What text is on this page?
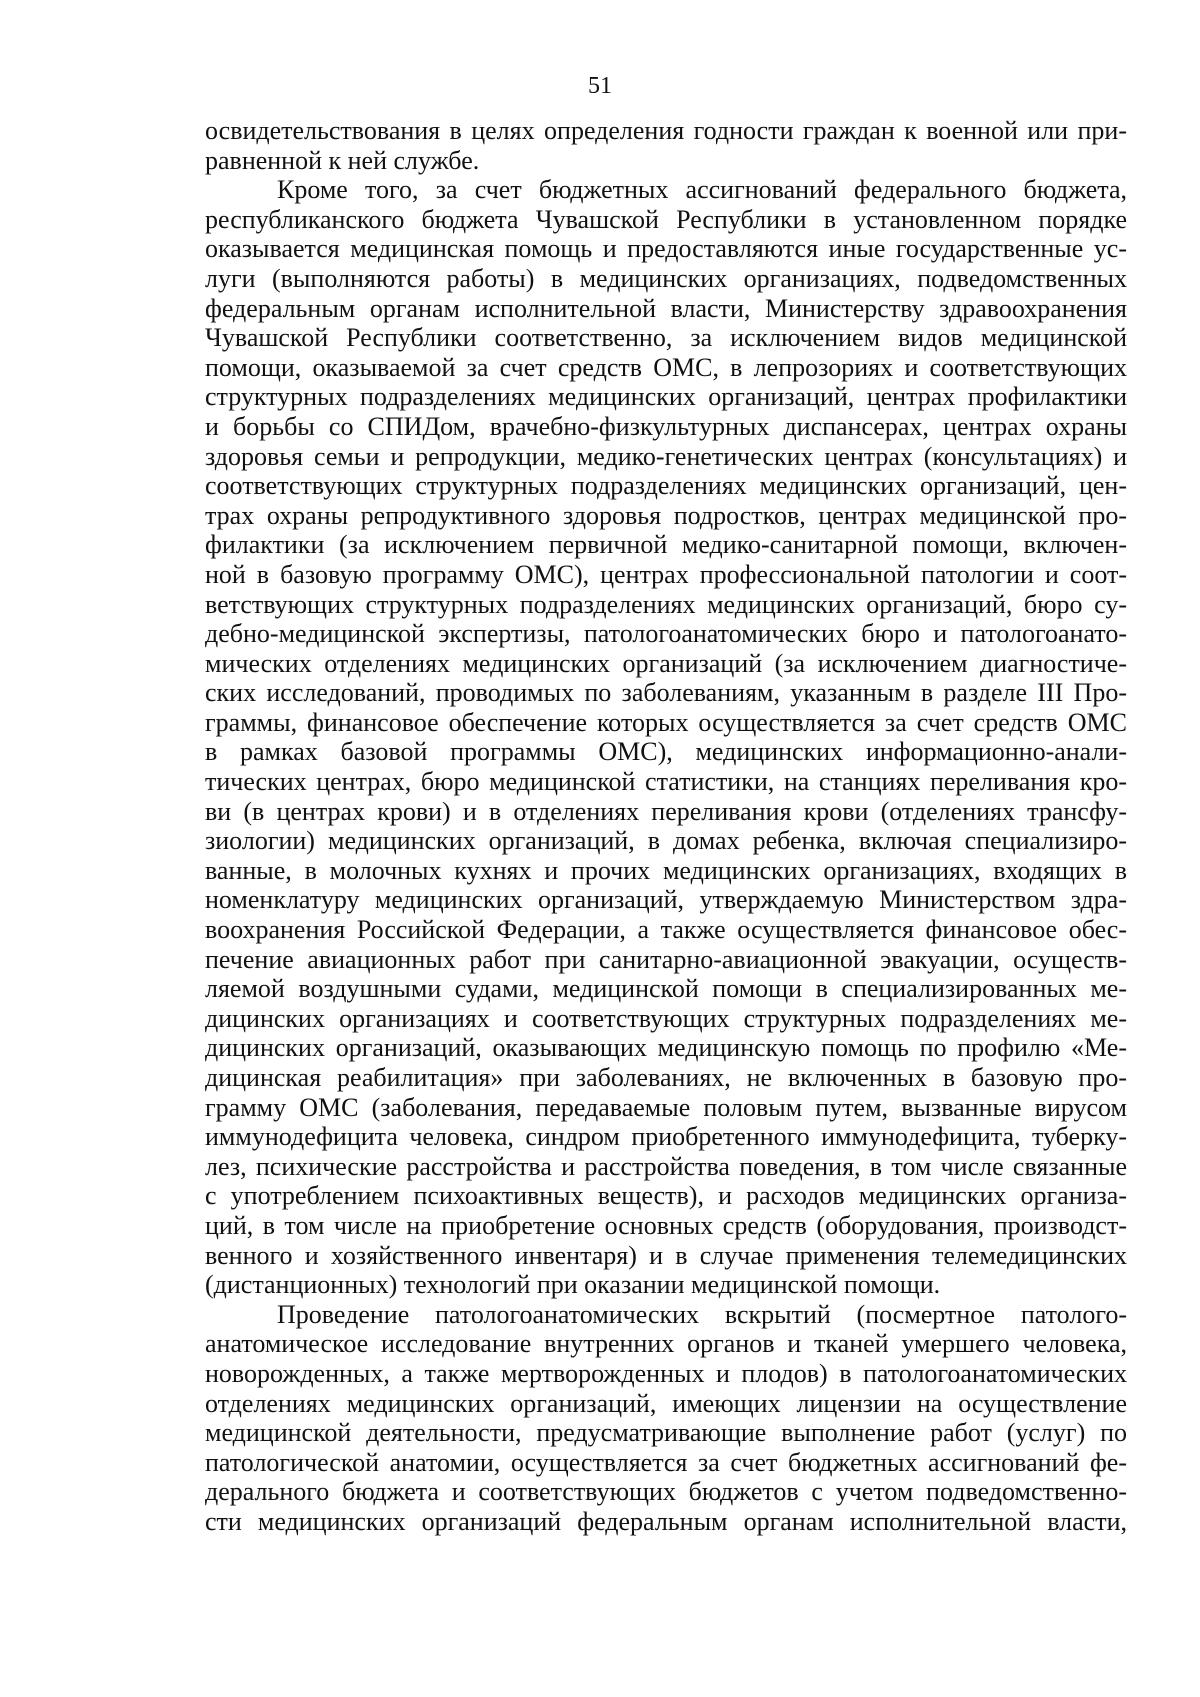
51
освидетельствования в целях определения годности граждан к военной или при-
равненной к ней службе.
Кроме того, за счет бюджетных ассигнований федерального бюджета,
республиканского бюджета Чувашской Республики в установленном порядке
оказывается медицинская помощь и предоставляются иные государственные ус-
луги (выполняются работы) в медицинских организациях, подведомственных
федеральным органам исполнительной власти, Министерству здравоохранения
Чувашской Республики соответственно, за исключением видов медицинской
помощи, оказываемой за счет средств ОМС, в лепрозориях и соответствующих
структурных подразделениях медицинских организаций, центрах профилактики
и борьбы со СПИДом, врачебно-физкультурных диспансерах, центрах охраны
здоровья семьи и репродукции, медико-генетических центрах (консультациях) и
соответствующих структурных подразделениях медицинских организаций, цен-
трах охраны репродуктивного здоровья подростков, центрах медицинской про-
филактики (за исключением первичной медико-санитарной помощи, включен-
ной в базовую программу ОМС), центрах профессиональной патологии и соот-
ветствующих структурных подразделениях медицинских организаций, бюро су-
дебно-медицинской экспертизы, патологоанатомических бюро и патологоанато-
мических отделениях медицинских организаций (за исключением диагностиче-
ских исследований, проводимых по заболеваниям, указанным в разделе III Про-
граммы, финансовое обеспечение которых осуществляется за счет средств ОМС
в рамках базовой программы ОМС), медицинских информационно-анали-
тических центрах, бюро медицинской статистики, на станциях переливания кро-
ви (в центрах крови) и в отделениях переливания крови (отделениях трансфу-
зиологии) медицинских организаций, в домах ребенка, включая специализиро-
ванные, в молочных кухнях и прочих медицинских организациях, входящих в
номенклатуру медицинских организаций, утверждаемую Министерством здра-
воохранения Российской Федерации, а также осуществляется финансовое обес-
печение авиационных работ при санитарно-авиационной эвакуации, осуществ-
ляемой воздушными судами, медицинской помощи в специализированных ме-
дицинских организациях и соответствующих структурных подразделениях ме-
дицинских организаций, оказывающих медицинскую помощь по профилю «Ме-
дицинская реабилитация» при заболеваниях, не включенных в базовую про-
грамму ОМС (заболевания, передаваемые половым путем, вызванные вирусом
иммунодефицита человека, синдром приобретенного иммунодефицита, туберку-
лез, психические расстройства и расстройства поведения, в том числе связанные
с употреблением психоактивных веществ), и расходов медицинских организа-
ций, в том числе на приобретение основных средств (оборудования, производст-
венного и хозяйственного инвентаря) и в случае применения телемедицинских
(дистанционных) технологий при оказании медицинской помощи.
Проведение патологоанатомических вскрытий (посмертное патолого-
анатомическое исследование внутренних органов и тканей умершего человека,
новорожденных, а также мертворожденных и плодов) в патологоанатомических
отделениях медицинских организаций, имеющих лицензии на осуществление
медицинской деятельности, предусматривающие выполнение работ (услуг) по
патологической анатомии, осуществляется за счет бюджетных ассигнований фе-
дерального бюджета и соответствующих бюджетов с учетом подведомственно-
сти медицинских организаций федеральным органам исполнительной власти,
